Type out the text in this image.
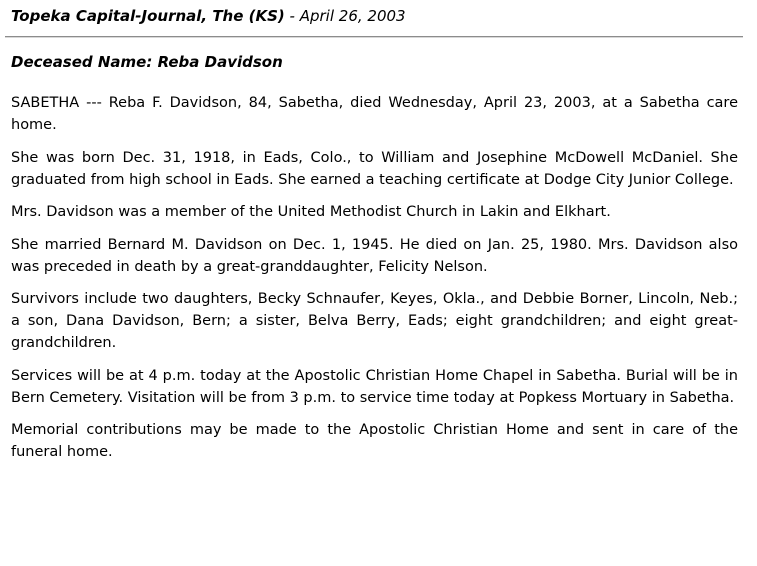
Topeka Capital-Journal, The (KS) - April 26, 2003
Deceased Name: Reba Davidson

SABETHA --- Reba F. Davidson, 84, Sabetha, died Wednesday, April 23, 2003, at a Sabetha care home.

She was born Dec. 31, 1918, in Eads, Colo., to William and Josephine McDowell McDaniel. She graduated from high school in Eads. She earned a teaching certificate at Dodge City Junior College.

Mrs. Davidson was a member of the United Methodist Church in Lakin and Elkhart.

She married Bernard M. Davidson on Dec. 1, 1945. He died on Jan. 25, 1980. Mrs. Davidson also was preceded in death by a great-granddaughter, Felicity Nelson.

Survivors include two daughters, Becky Schnaufer, Keyes, Okla., and Debbie Borner, Lincoln, Neb.; a son, Dana Davidson, Bern; a sister, Belva Berry, Eads; eight grandchildren; and eight great-grandchildren.

Services will be at 4 p.m. today at the Apostolic Christian Home Chapel in Sabetha. Burial will be in Bern Cemetery. Visitation will be from 3 p.m. to service time today at Popkess Mortuary in Sabetha.

Memorial contributions may be made to the Apostolic Christian Home and sent in care of the funeral home.
